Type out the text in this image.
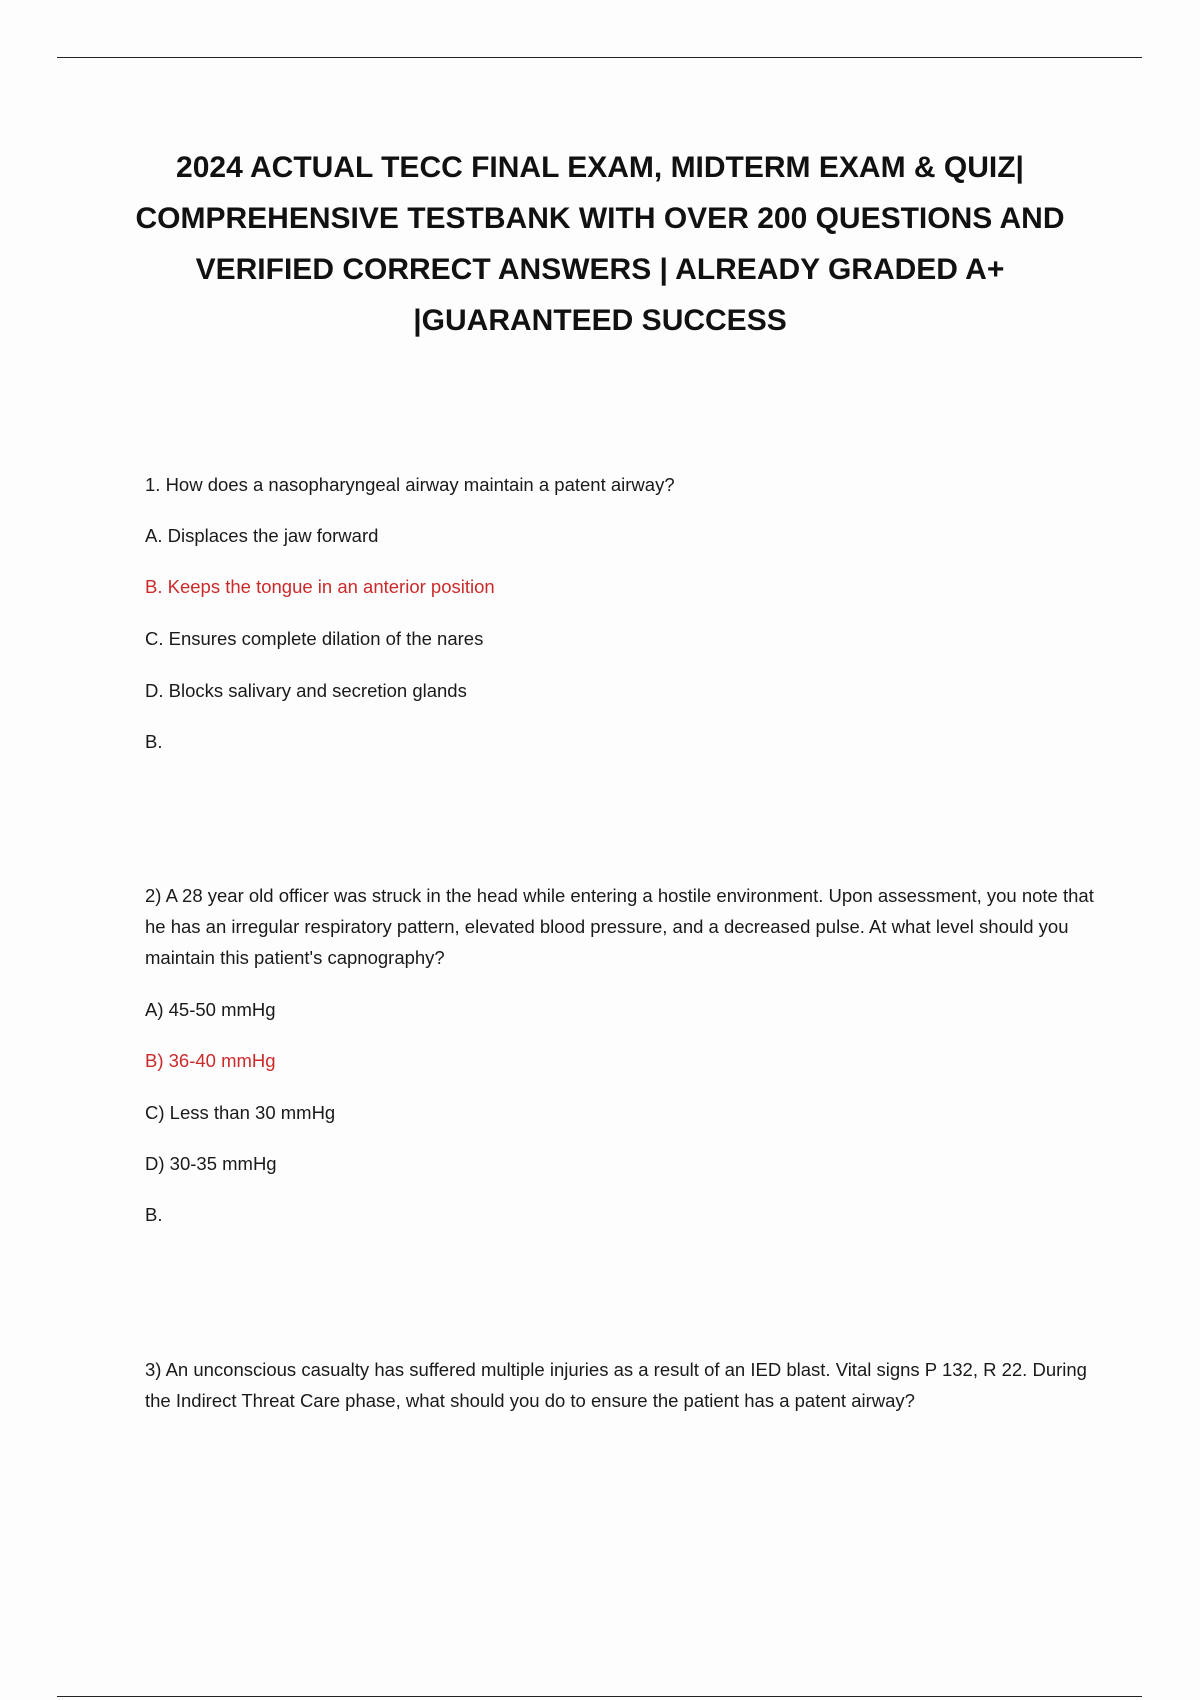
2024 ACTUAL TECC FINAL EXAM, MIDTERM EXAM & QUIZ| COMPREHENSIVE TESTBANK WITH OVER 200 QUESTIONS AND VERIFIED CORRECT ANSWERS | ALREADY GRADED A+ |GUARANTEED SUCCESS

1. How does a nasopharyngeal airway maintain a patent airway?

A. Displaces the jaw forward

B. Keeps the tongue in an anterior position

C. Ensures complete dilation of the nares

D. Blocks salivary and secretion glands

B.

2) A 28 year old officer was struck in the head while entering a hostile environment. Upon assessment, you note that he has an irregular respiratory pattern, elevated blood pressure, and a decreased pulse. At what level should you maintain this patient's capnography?

A) 45-50 mmHg

B) 36-40 mmHg

C) Less than 30 mmHg

D) 30-35 mmHg

B.

3) An unconscious casualty has suffered multiple injuries as a result of an IED blast. Vital signs P 132, R 22. During the Indirect Threat Care phase, what should you do to ensure the patient has a patent airway?
